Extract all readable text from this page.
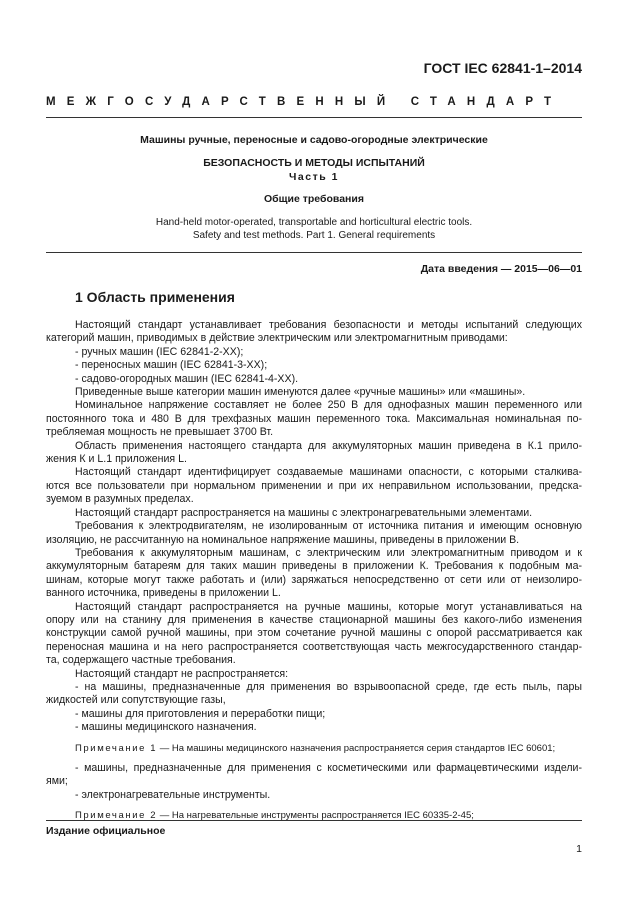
ГОСТ IEC 62841-1–2014
МЕЖГОСУДАРСТВЕННЫЙ СТАНДАРТ
Машины ручные, переносные и садово-огородные электрические
БЕЗОПАСНОСТЬ И МЕТОДЫ ИСПЫТАНИЙ
Часть 1
Общие требования
Hand-held motor-operated, transportable and horticultural electric tools.
Safety and test methods. Part 1. General requirements
Дата введения — 2015—06—01
1 Область применения
Настоящий стандарт устанавливает требования безопасности и методы испытаний следующих
категорий машин, приводимых в действие электрическим или электромагнитным приводами:
- ручных машин (IEC 62841-2-XX);
- переносных машин (IEC 62841-3-XX);
- садово-огородных машин (IEC 62841-4-XX).
Приведенные выше категории машин именуются далее «ручные машины» или «машины».
Номинальное напряжение составляет не более 250 В для однофазных машин переменного или
постоянного тока и 480 В для трехфазных машин переменного тока. Максимальная номинальная по-
требляемая мощность не превышает 3700 Вт.
Область применения настоящего стандарта для аккумуляторных машин приведена в К.1 прило-
жения К и L.1 приложения L.
Настоящий стандарт идентифицирует создаваемые машинами опасности, с которыми сталкива-
ются все пользователи при нормальном применении и при их неправильном использовании, предска-
зуемом в разумных пределах.
Настоящий стандарт распространяется на машины с электронагревательными элементами.
Требования к электродвигателям, не изолированным от источника питания и имеющим основную
изоляцию, не рассчитанную на номинальное напряжение машины, приведены в приложении В.
Требования к аккумуляторным машинам, с электрическим или электромагнитным приводом и к
аккумуляторным батареям для таких машин приведены в приложении К. Требования к подобным ма-
шинам, которые могут также работать и (или) заряжаться непосредственно от сети или от неизолиро-
ванного источника, приведены в приложении L.
Настоящий стандарт распространяется на ручные машины, которые могут устанавливаться на
опору или на станину для применения в качестве стационарной машины без какого-либо изменения
конструкции самой ручной машины, при этом сочетание ручной машины с опорой рассматривается как
переносная машина и на него распространяется соответствующая часть межгосударственного стандар-
та, содержащего частные требования.
Настоящий стандарт не распространяется:
- на машины, предназначенные для применения во взрывоопасной среде, где есть пыль, пары
жидкостей или сопутствующие газы,
- машины для приготовления и переработки пищи;
- машины медицинского назначения.
Примечание 1 — На машины медицинского назначения распространяется серия стандартов IEC 60601;
- машины, предназначенные для применения с косметическими или фармацевтическими издели-
ями;
- электронагревательные инструменты.
Примечание 2 — На нагревательные инструменты распространяется IEC 60335-2-45;
Издание официальное
1
